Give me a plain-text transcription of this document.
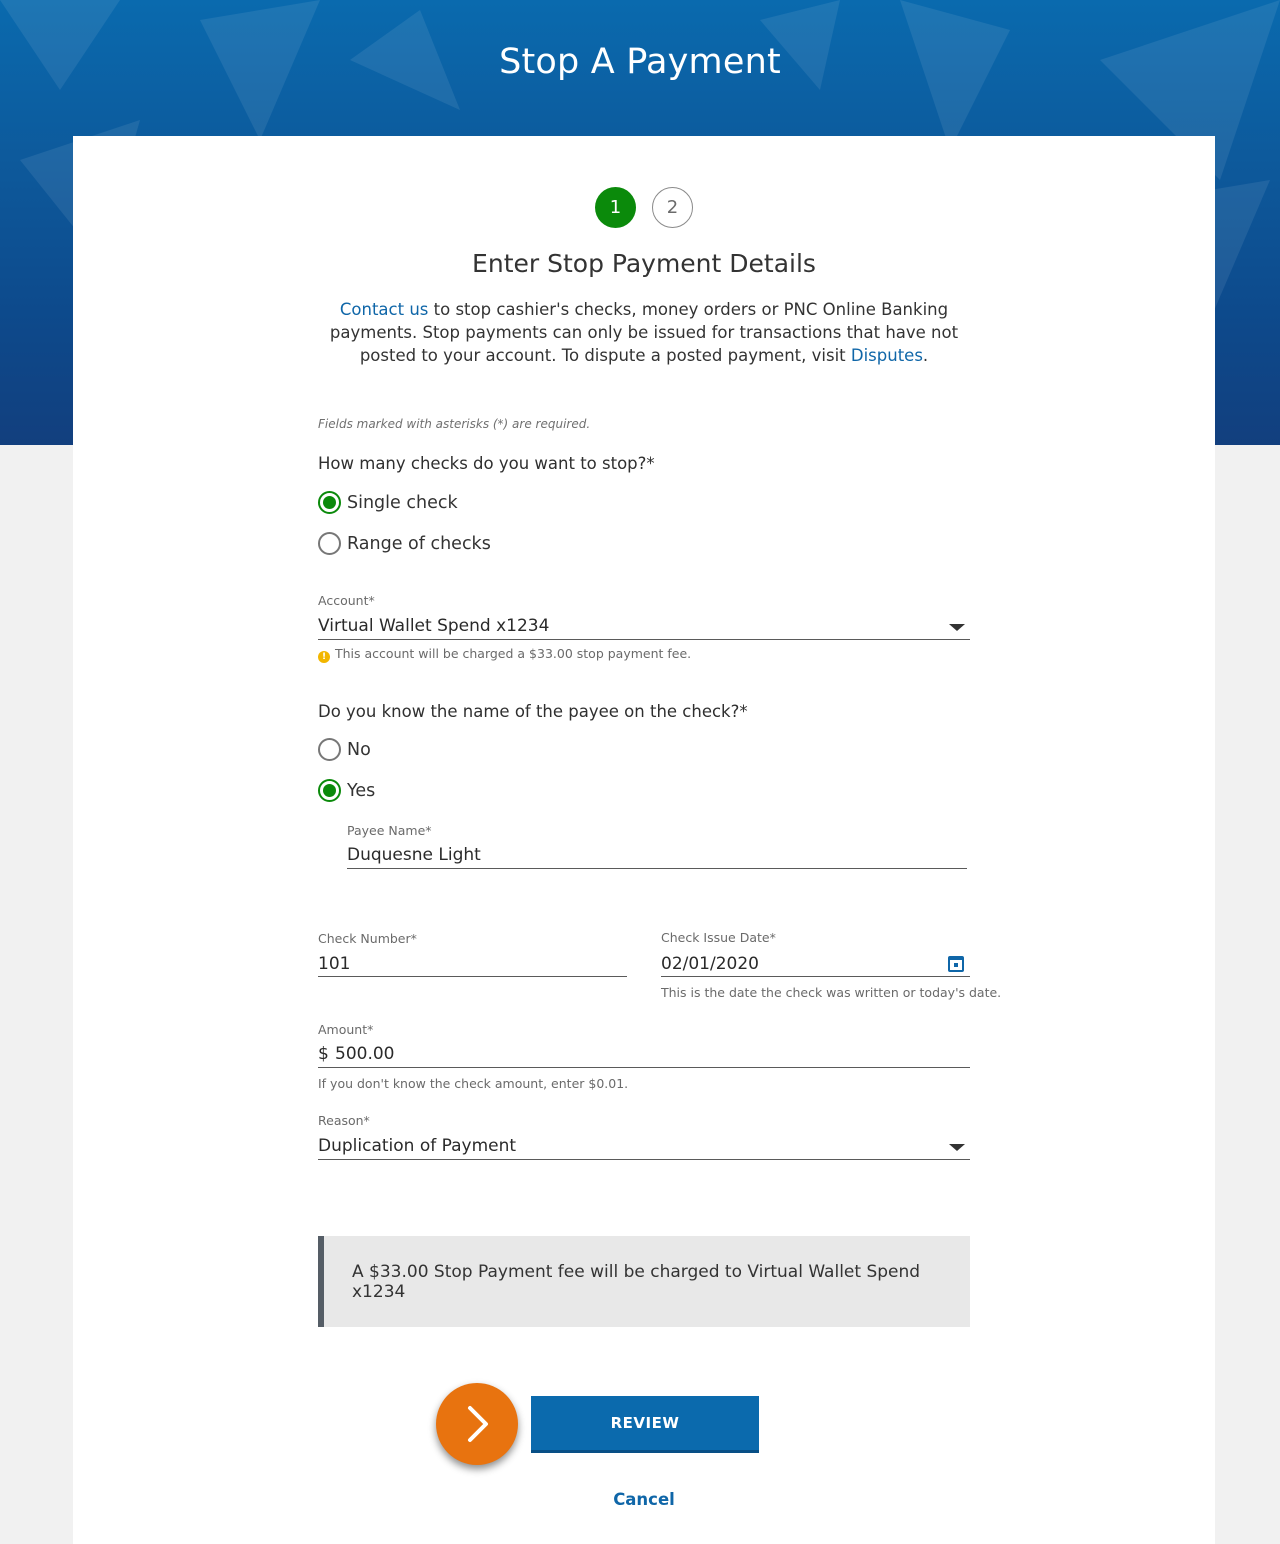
Stop A Payment
1	2
Enter Stop Payment Details
Contact us to stop cashier's checks, money orders or PNC Online Banking payments. Stop payments can only be issued for transactions that have not posted to your account. To dispute a posted payment, visit Disputes.
Fields marked with asterisks (*) are required.
How many checks do you want to stop?*
Single check
Range of checks
Account*
Virtual Wallet Spend x1234
! This account will be charged a $33.00 stop payment fee.
Do you know the name of the payee on the check?*
No
Yes
Payee Name*
Duquesne Light
Check Number*
101
Check Issue Date*
02/01/2020
This is the date the check was written or today's date.
Amount*
$ 500.00
If you don't know the check amount, enter $0.01.
Reason*
Duplication of Payment
A $33.00 Stop Payment fee will be charged to Virtual Wallet Spend x1234
REVIEW
Cancel
